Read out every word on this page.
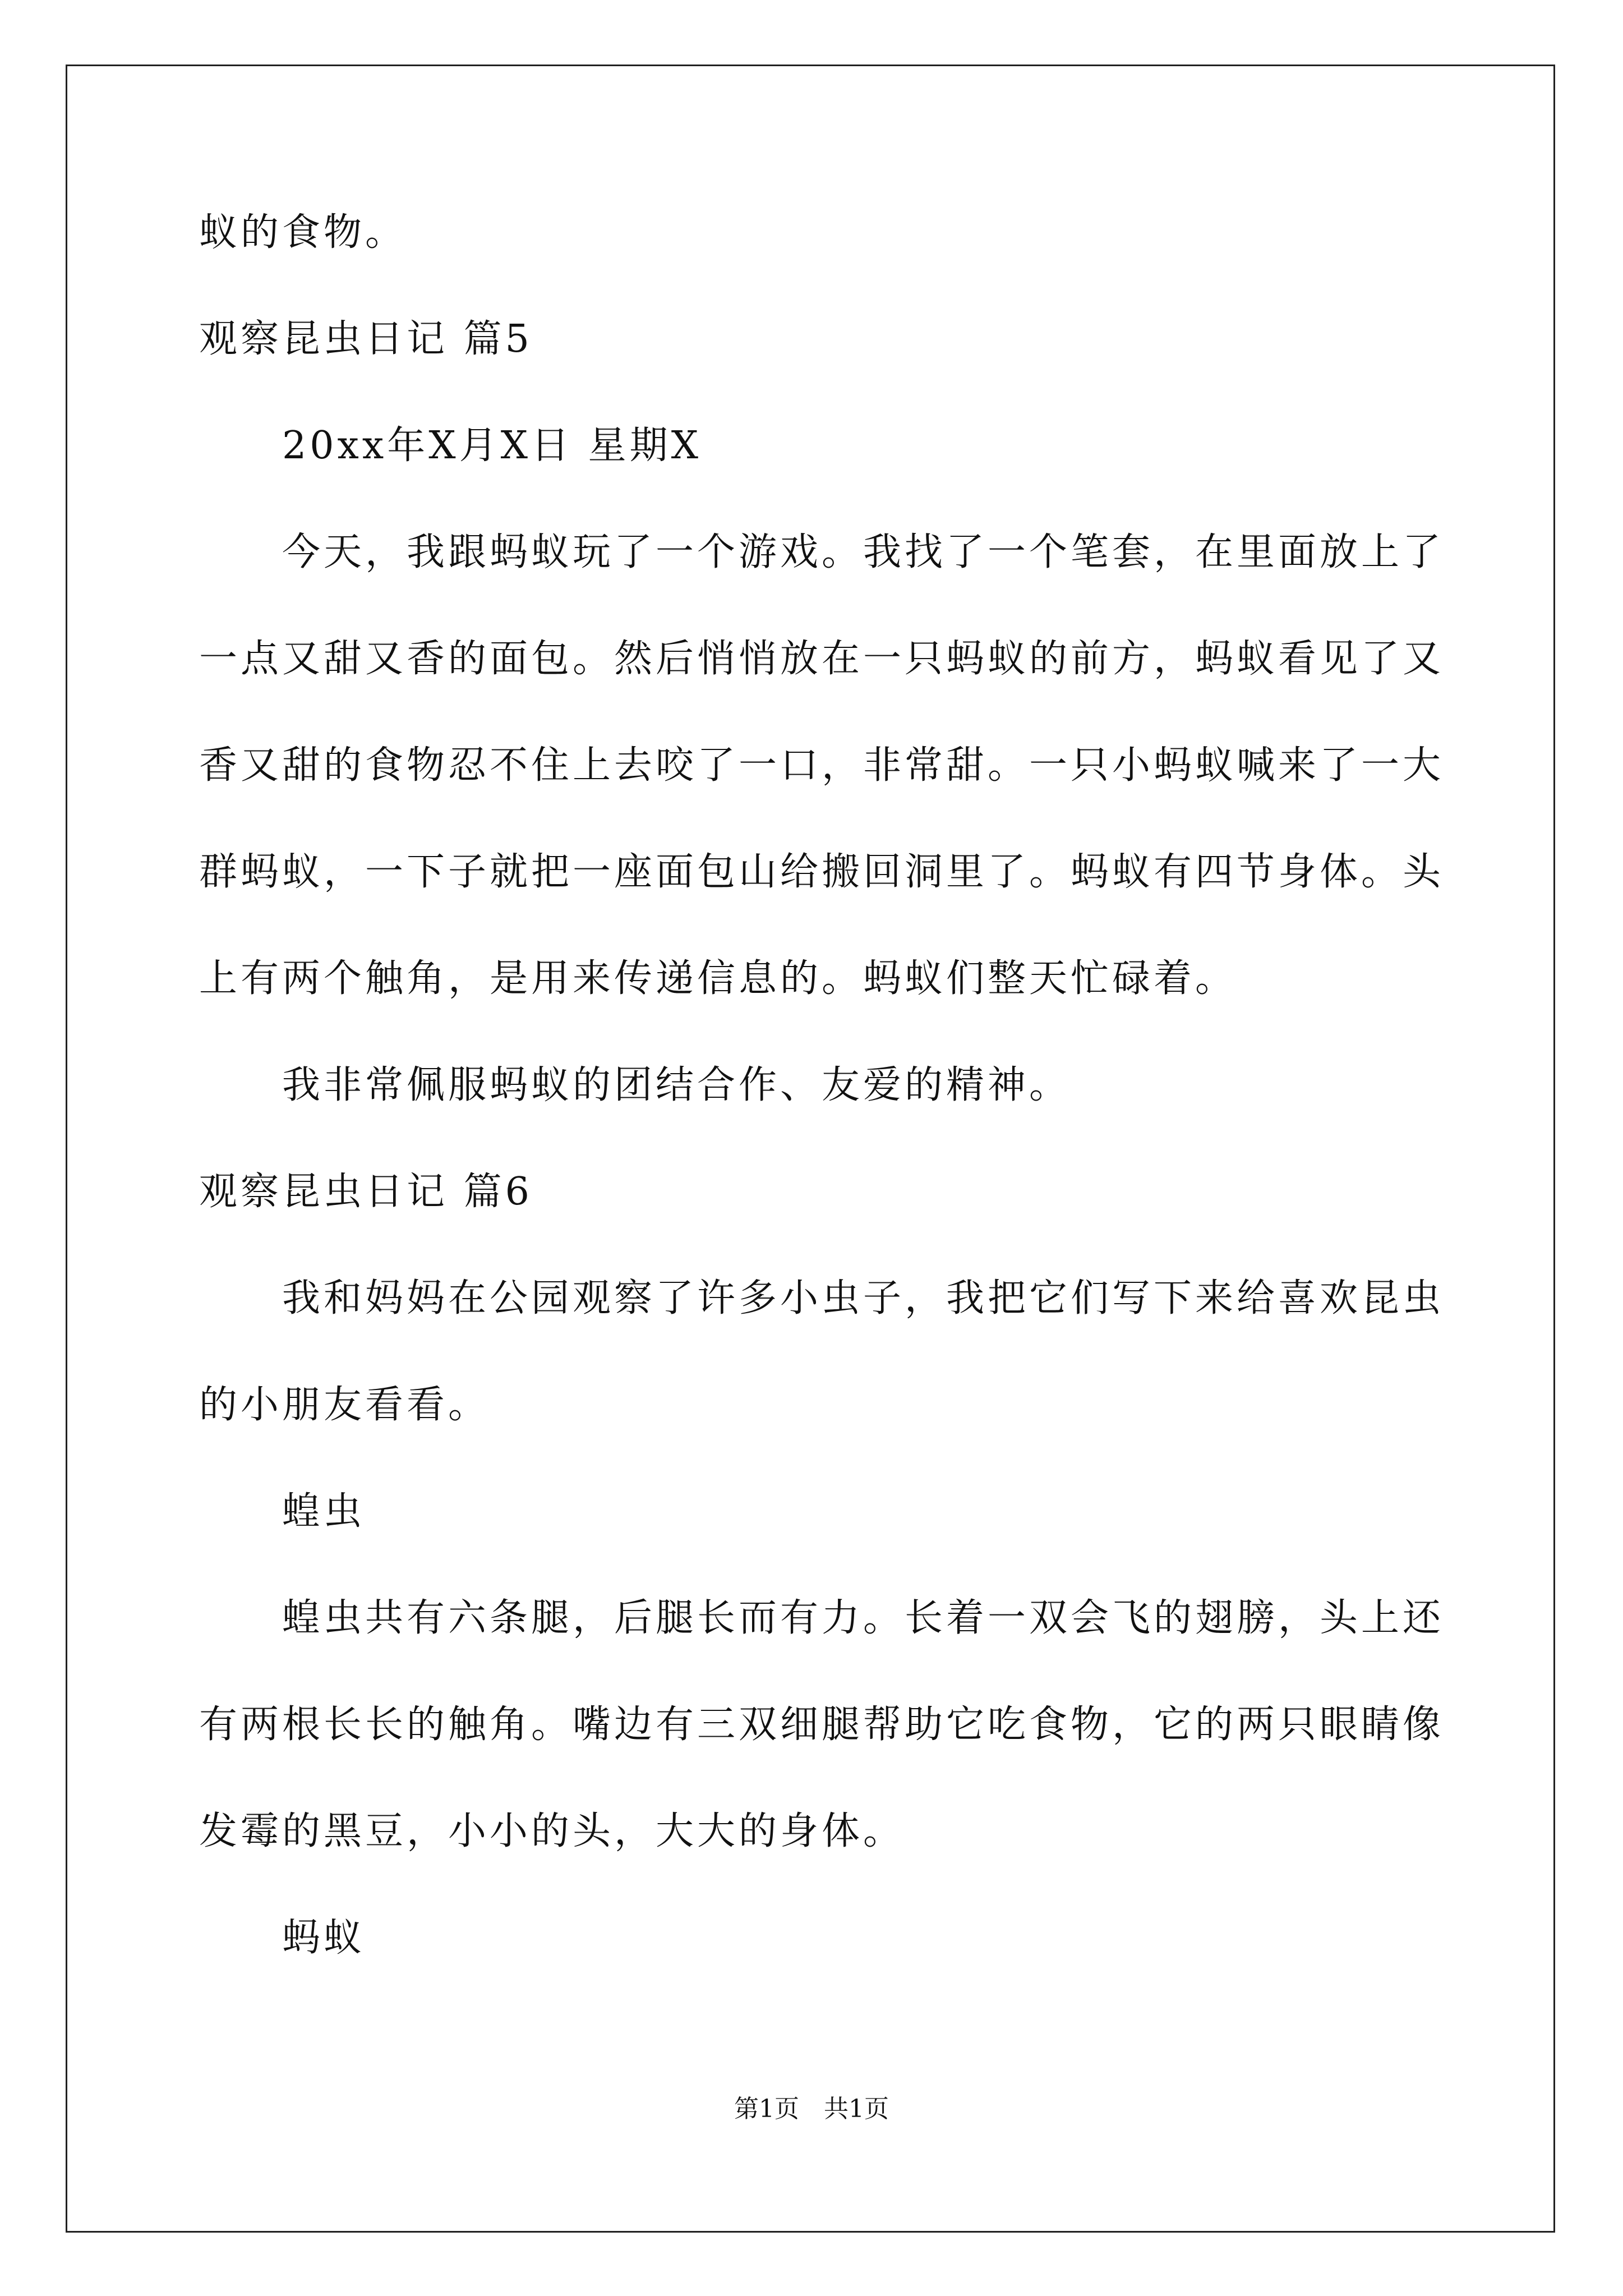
蚁的食物。
观察昆虫日记 篇5
20xx年X月X日 星期X
今天，我跟蚂蚁玩了一个游戏。我找了一个笔套，在里面放上了
一点又甜又香的面包。然后悄悄放在一只蚂蚁的前方，蚂蚁看见了又
香又甜的食物忍不住上去咬了一口，非常甜。一只小蚂蚁喊来了一大
群蚂蚁，一下子就把一座面包山给搬回洞里了。蚂蚁有四节身体。头
上有两个触角，是用来传递信息的。蚂蚁们整天忙碌着。
我非常佩服蚂蚁的团结合作、友爱的精神。
观察昆虫日记 篇6
我和妈妈在公园观察了许多小虫子，我把它们写下来给喜欢昆虫
的小朋友看看。
蝗虫
蝗虫共有六条腿，后腿长而有力。长着一双会飞的翅膀，头上还
有两根长长的触角。嘴边有三双细腿帮助它吃食物，它的两只眼睛像
发霉的黑豆，小小的头，大大的身体。
蚂蚁
第1页　共1页
